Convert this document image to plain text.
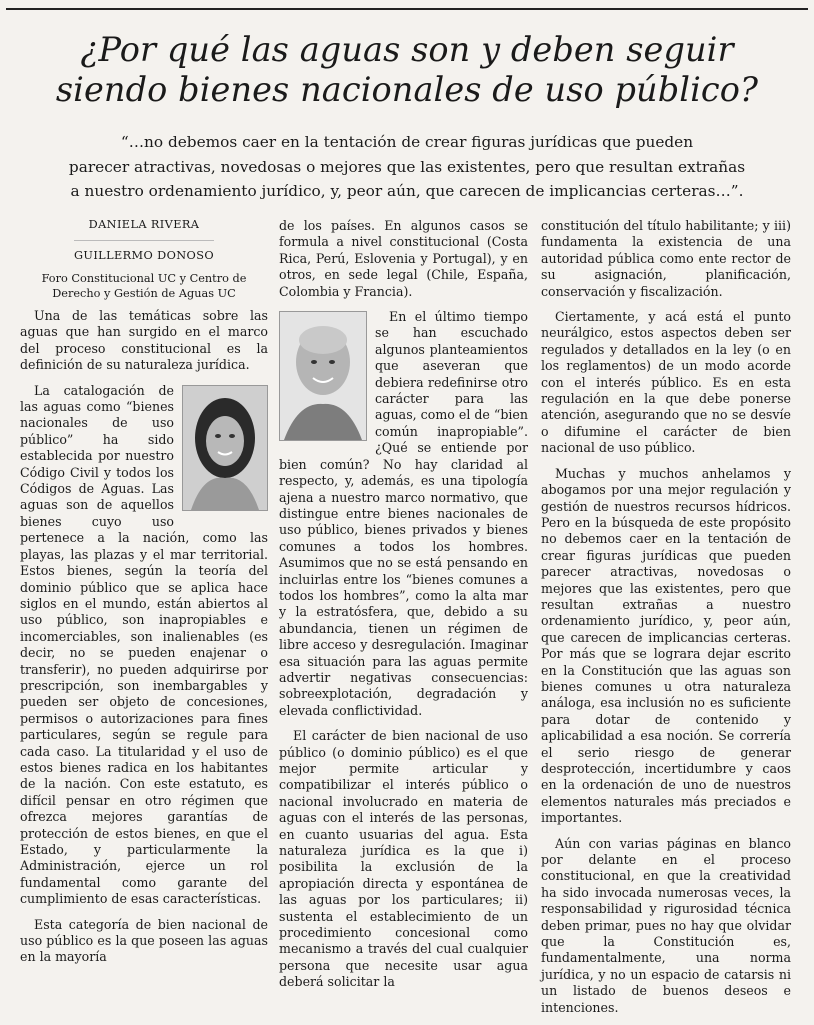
¿Por qué las aguas son y deben seguir
siendo bienes nacionales de uso público?
“…no debemos caer en la tentación de crear figuras jurídicas que pueden
parecer atractivas, novedosas o mejores que las existentes, pero que resultan extrañas
a nuestro ordenamiento jurídico, y, peor aún, que carecen de implicancias certeras…”.
DANIELA RIVERA
GUILLERMO DONOSO
Foro Constitucional UC y Centro de Derecho y Gestión de Aguas UC

Una de las temáticas sobre las aguas que han surgido en el marco del proceso constitucional es la definición de su naturaleza jurídica.

La catalogación de las aguas como “bienes nacionales de uso público” ha sido establecida por nuestro Código Civil y todos los Códigos de Aguas. Las aguas son de aquellos bienes cuyo uso pertenece a la nación, como las playas, las plazas y el mar territorial. Estos bienes, según la teoría del dominio público que se aplica hace siglos en el mundo, están abiertos al uso público, son inapropiables e incomerciables, son inalienables (es decir, no se pueden enajenar o transferir), no pueden adquirirse por prescripción, son inembargables y pueden ser objeto de concesiones, permisos o autorizaciones para fines particulares, según se regule para cada caso. La titularidad y el uso de estos bienes radica en los habitantes de la nación. Con este estatuto, es difícil pensar en otro régimen que ofrezca mejores garantías de protección de estos bienes, en que el Estado, y particularmente la Administración, ejerce un rol fundamental como garante del cumplimiento de esas características.

Esta categoría de bien nacional de uso público es la que poseen las aguas en la mayoría

de los países. En algunos casos se formula a nivel constitucional (Costa Rica, Perú, Eslovenia y Portugal), y en otros, en sede legal (Chile, España, Colombia y Francia).

En el último tiempo se han escuchado algunos planteamientos que aseveran que debiera redefinirse otro carácter para las aguas, como el de “bien común inapropiable”. ¿Qué se entiende por bien común? No hay claridad al respecto, y, además, es una tipología ajena a nuestro marco normativo, que distingue entre bienes nacionales de uso público, bienes privados y bienes comunes a todos los hombres. Asumimos que no se está pensando en incluirlas entre los “bienes comunes a todos los hombres”, como la alta mar y la estratósfera, que, debido a su abundancia, tienen un régimen de libre acceso y desregulación. Imaginar esa situación para las aguas permite advertir negativas consecuencias: sobreexplotación, degradación y elevada conflictividad.

El carácter de bien nacional de uso público (o dominio público) es el que mejor permite articular y compatibilizar el interés público o nacional involucrado en materia de aguas con el interés de las personas, en cuanto usuarias del agua. Esta naturaleza jurídica es la que i) posibilita la exclusión de la apropiación directa y espontánea de las aguas por los particulares; ii) sustenta el establecimiento de un procedimiento concesional como mecanismo a través del cual cualquier persona que necesite usar agua deberá solicitar la

constitución del título habilitante; y iii) fundamenta la existencia de una autoridad pública como ente rector de su asignación, planificación, conservación y fiscalización.

Ciertamente, y acá está el punto neurálgico, estos aspectos deben ser regulados y detallados en la ley (o en los reglamentos) de un modo acorde con el interés público. Es en esta regulación en la que debe ponerse atención, asegurando que no se desvíe o difumine el carácter de bien nacional de uso público.

Muchas y muchos anhelamos y abogamos por una mejor regulación y gestión de nuestros recursos hídricos. Pero en la búsqueda de este propósito no debemos caer en la tentación de crear figuras jurídicas que pueden parecer atractivas, novedosas o mejores que las existentes, pero que resultan extrañas a nuestro ordenamiento jurídico, y, peor aún, que carecen de implicancias certeras. Por más que se lograra dejar escrito en la Constitución que las aguas son bienes comunes u otra naturaleza análoga, esa inclusión no es suficiente para dotar de contenido y aplicabilidad a esa noción. Se correría el serio riesgo de generar desprotección, incertidumbre y caos en la ordenación de uno de nuestros elementos naturales más preciados e importantes.

Aún con varias páginas en blanco por delante en el proceso constitucional, en que la creatividad ha sido invocada numerosas veces, la responsabilidad y rigurosidad técnica deben primar, pues no hay que olvidar que la Constitución es, fundamentalmente, una norma jurídica, y no un espacio de catarsis ni un listado de buenos deseos e intenciones.
